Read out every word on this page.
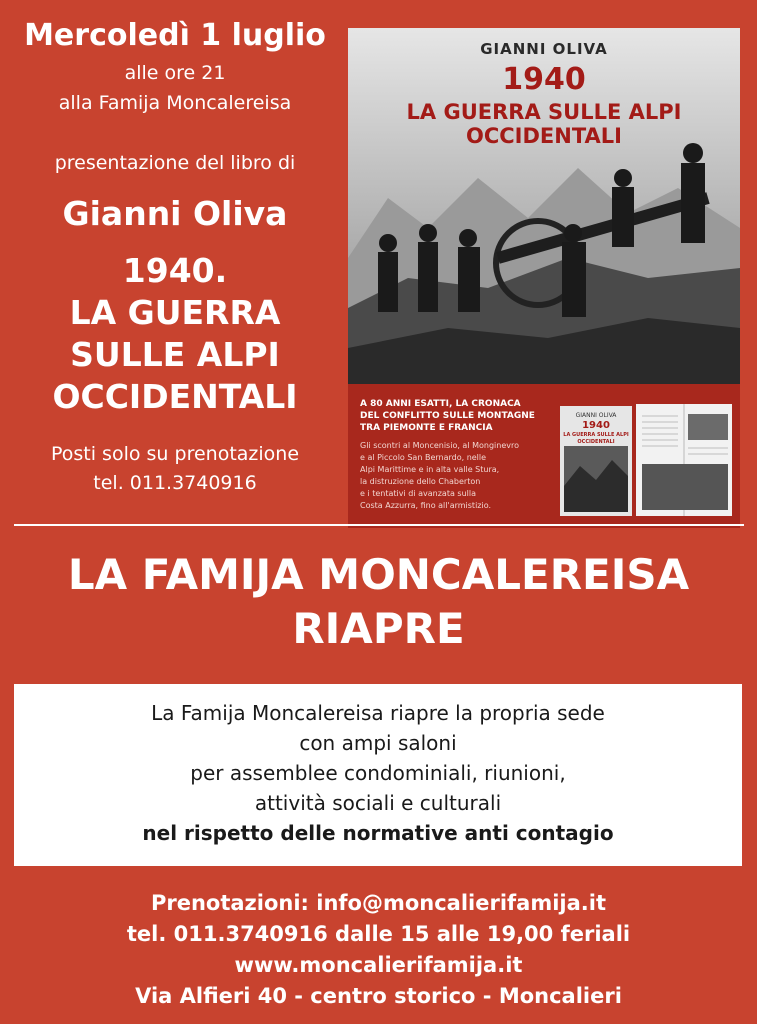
Mercoledì 1 luglio
alle ore 21
alla Famija Moncalereisa
presentazione del libro di
Gianni Oliva
1940.
LA GUERRA
SULLE ALPI
OCCIDENTALI
Posti solo su prenotazione
tel. 011.3740916
GIANNI OLIVA
1940
LA GUERRA SULLE ALPI
OCCIDENTALI
A 80 ANNI ESATTI, LA CRONACA
DEL CONFLITTO SULLE MONTAGNE
TRA PIEMONTE E FRANCIA
Gli scontri al Moncenisio, al Monginevro
e al Piccolo San Bernardo, nelle
Alpi Marittime e in alta valle Stura,
la distruzione dello Chaberton
e i tentativi di avanzata sulla
Costa Azzurra, fino all'armistizio.
GIANNI OLIVA
1940
LA GUERRA SULLE ALPI OCCIDENTALI
LA FAMIJA MONCALEREISA
RIAPRE
La Famija Moncalereisa riapre la propria sede
con ampi saloni
per assemblee condominiali, riunioni,
attività sociali e culturali
nel rispetto delle normative anti contagio
Prenotazioni: info@moncalierifamija.it
tel. 011.3740916 dalle 15 alle 19,00 feriali
www.moncalierifamija.it
Via Alfieri 40 - centro storico - Moncalieri
